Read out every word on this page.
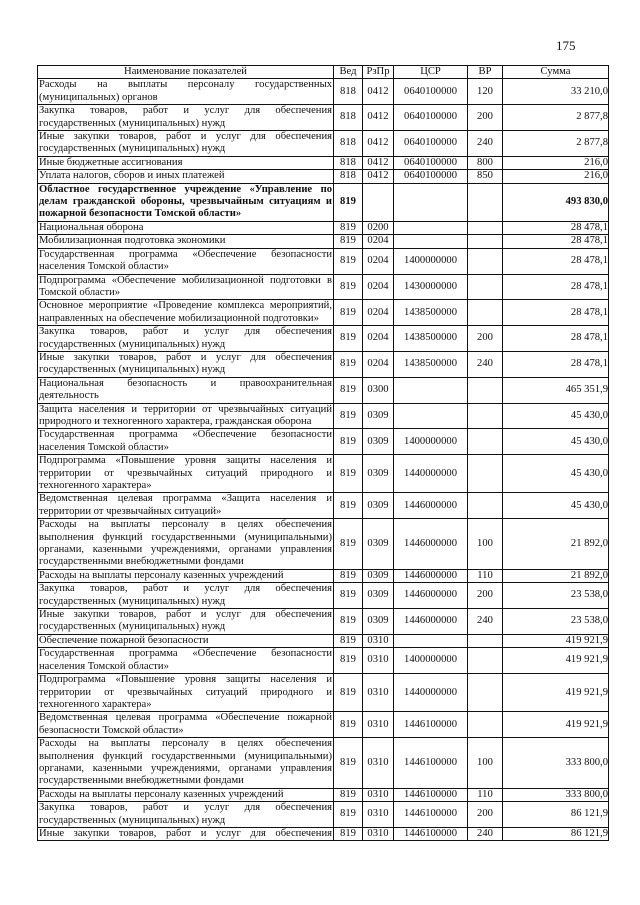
175
Наименование показателей	Вед	РзПр	ЦСР	ВР	Сумма
Расходы на выплаты персоналу государственных (муниципальных) органов	818	0412	0640100000	120	33 210,0
Закупка товаров, работ и услуг для обеспечения государственных (муниципальных) нужд	818	0412	0640100000	200	2 877,8
Иные закупки товаров, работ и услуг для обеспечения государственных (муниципальных) нужд	818	0412	0640100000	240	2 877,8
Иные бюджетные ассигнования	818	0412	0640100000	800	216,0
Уплата налогов, сборов и иных платежей	818	0412	0640100000	850	216,0
Областное государственное учреждение «Управление по делам гражданской обороны, чрезвычайным ситуациям и пожарной безопасности Томской области»	819				493 830,0
Национальная оборона	819	0200			28 478,1
Мобилизационная подготовка экономики	819	0204			28 478,1
Государственная программа «Обеспечение безопасности населения Томской области»	819	0204	1400000000		28 478,1
Подпрограмма «Обеспечение мобилизационной подготовки в Томской области»	819	0204	1430000000		28 478,1
Основное мероприятие «Проведение комплекса мероприятий, направленных на обеспечение мобилизационной подготовки»	819	0204	1438500000		28 478,1
Закупка товаров, работ и услуг для обеспечения государственных (муниципальных) нужд	819	0204	1438500000	200	28 478,1
Иные закупки товаров, работ и услуг для обеспечения государственных (муниципальных) нужд	819	0204	1438500000	240	28 478,1
Национальная безопасность и правоохранительная деятельность	819	0300			465 351,9
Защита населения и территории от чрезвычайных ситуаций природного и техногенного характера, гражданская оборона	819	0309			45 430,0
Государственная программа «Обеспечение безопасности населения Томской области»	819	0309	1400000000		45 430,0
Подпрограмма «Повышение уровня защиты населения и территории от чрезвычайных ситуаций природного и техногенного характера»	819	0309	1440000000		45 430,0
Ведомственная целевая программа «Защита населения и территории от чрезвычайных ситуаций»	819	0309	1446000000		45 430,0
Расходы на выплаты персоналу в целях обеспечения выполнения функций государственными (муниципальными) органами, казенными учреждениями, органами управления государственными внебюджетными фондами	819	0309	1446000000	100	21 892,0
Расходы на выплаты персоналу казенных учреждений	819	0309	1446000000	110	21 892,0
Закупка товаров, работ и услуг для обеспечения государственных (муниципальных) нужд	819	0309	1446000000	200	23 538,0
Иные закупки товаров, работ и услуг для обеспечения государственных (муниципальных) нужд	819	0309	1446000000	240	23 538,0
Обеспечение пожарной безопасности	819	0310			419 921,9
Государственная программа «Обеспечение безопасности населения Томской области»	819	0310	1400000000		419 921,9
Подпрограмма «Повышение уровня защиты населения и территории от чрезвычайных ситуаций природного и техногенного характера»	819	0310	1440000000		419 921,9
Ведомственная целевая программа «Обеспечение пожарной безопасности Томской области»	819	0310	1446100000		419 921,9
Расходы на выплаты персоналу в целях обеспечения выполнения функций государственными (муниципальными) органами, казенными учреждениями, органами управления государственными внебюджетными фондами	819	0310	1446100000	100	333 800,0
Расходы на выплаты персоналу казенных учреждений	819	0310	1446100000	110	333 800,0
Закупка товаров, работ и услуг для обеспечения государственных (муниципальных) нужд	819	0310	1446100000	200	86 121,9
Иные закупки товаров, работ и услуг для обеспечения	819	0310	1446100000	240	86 121,9
